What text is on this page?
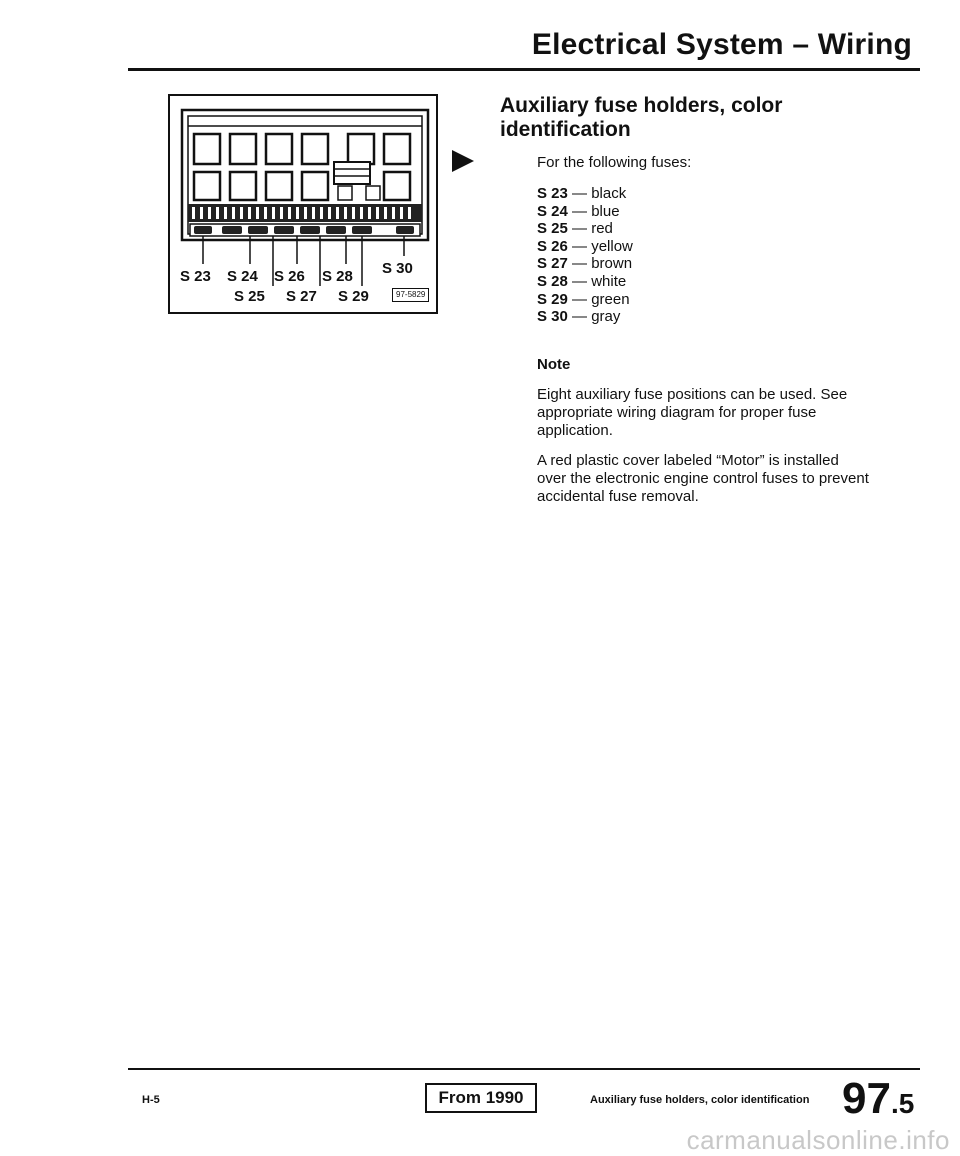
Electrical System – Wiring
S 23 S 24 S 26 S 28 S 30
S 25 S 27 S 29	97-5829
Auxiliary fuse holders, color identification
For the following fuses:
S 23 — black
S 24 — blue
S 25 — red
S 26 — yellow
S 27 — brown
S 28 — white
S 29 — green
S 30 — gray
Note
Eight auxiliary fuse positions can be used. See appropriate wiring diagram for proper fuse application.
A red plastic cover labeled “Motor” is installed over the electronic engine control fuses to prevent accidental fuse removal.
H-5	From 1990	Auxiliary fuse holders, color identification 97.5
carmanualsonline.info
